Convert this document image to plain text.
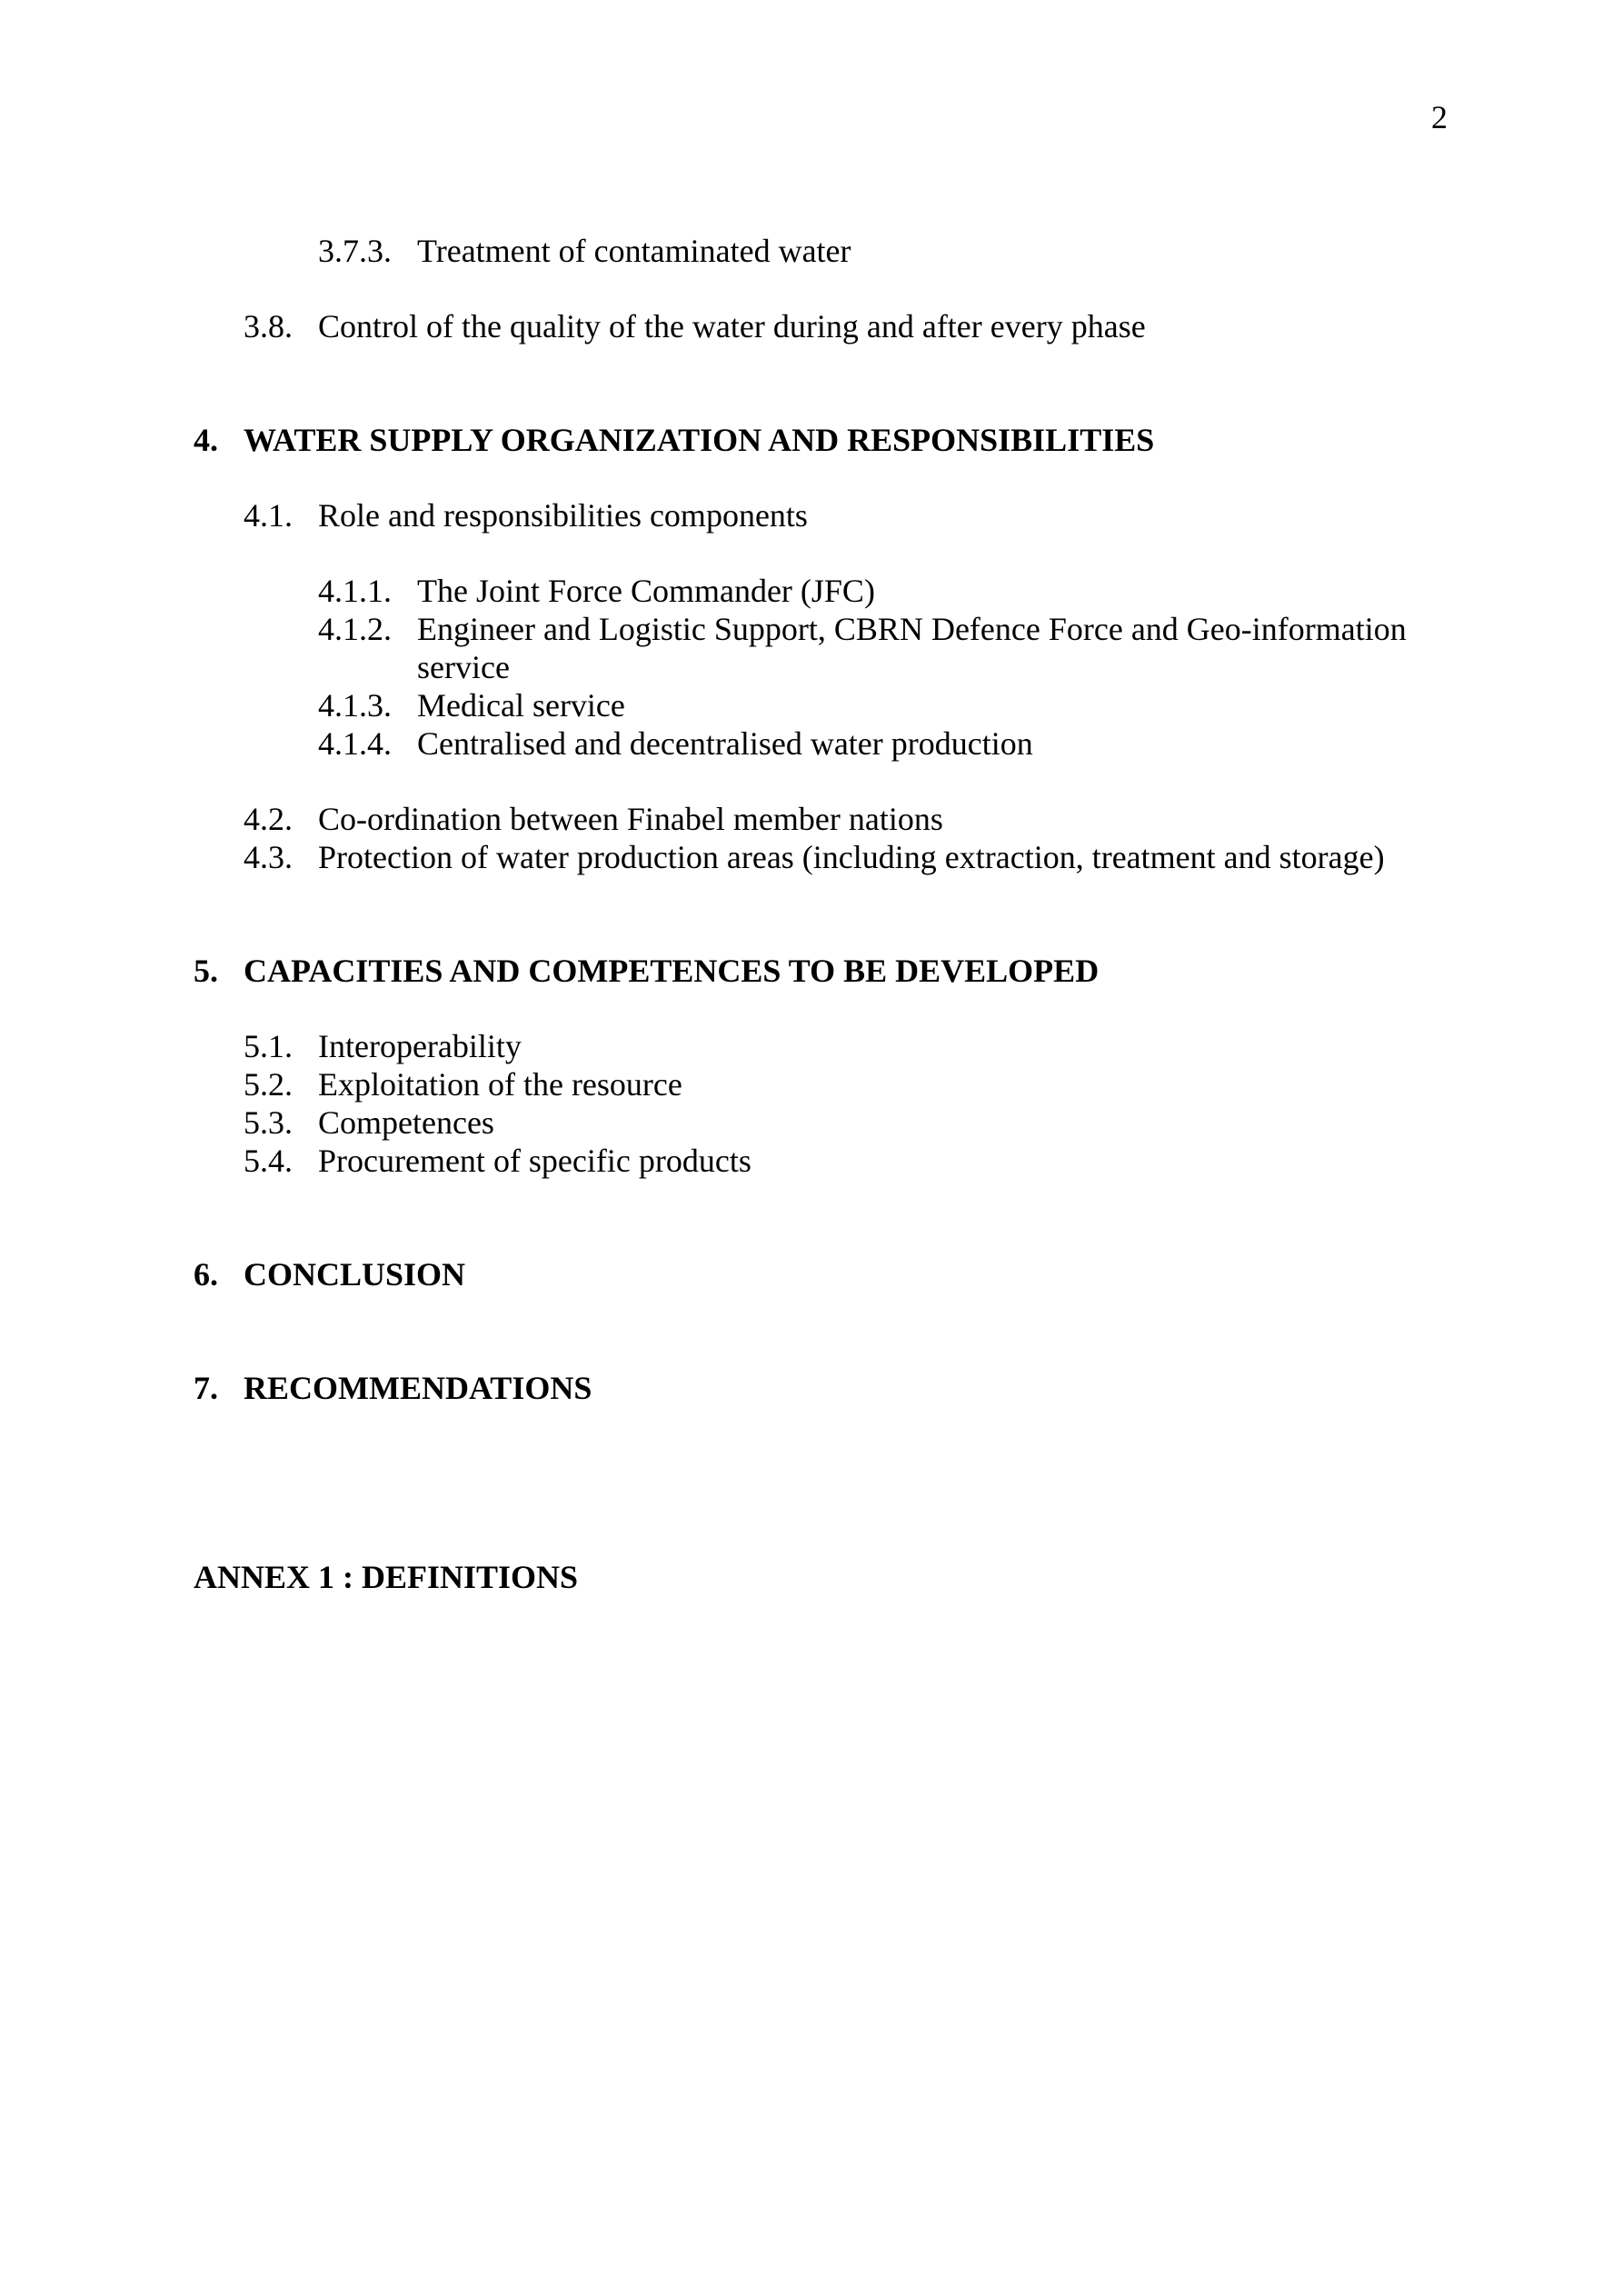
2
3.7.3. Treatment of contaminated water
3.8. Control of the quality of the water during and after every phase
4. WATER SUPPLY ORGANIZATION AND RESPONSIBILITIES
4.1. Role and responsibilities components
4.1.1. The Joint Force Commander (JFC)
4.1.2. Engineer and Logistic Support, CBRN Defence Force and Geo-information
service
4.1.3. Medical service
4.1.4. Centralised and decentralised water production
4.2. Co-ordination between Finabel member nations
4.3. Protection of water production areas (including extraction, treatment and storage)
5. CAPACITIES AND COMPETENCES TO BE DEVELOPED
5.1. Interoperability
5.2. Exploitation of the resource
5.3. Competences
5.4. Procurement of specific products
6. CONCLUSION
7. RECOMMENDATIONS
ANNEX 1 : DEFINITIONS
